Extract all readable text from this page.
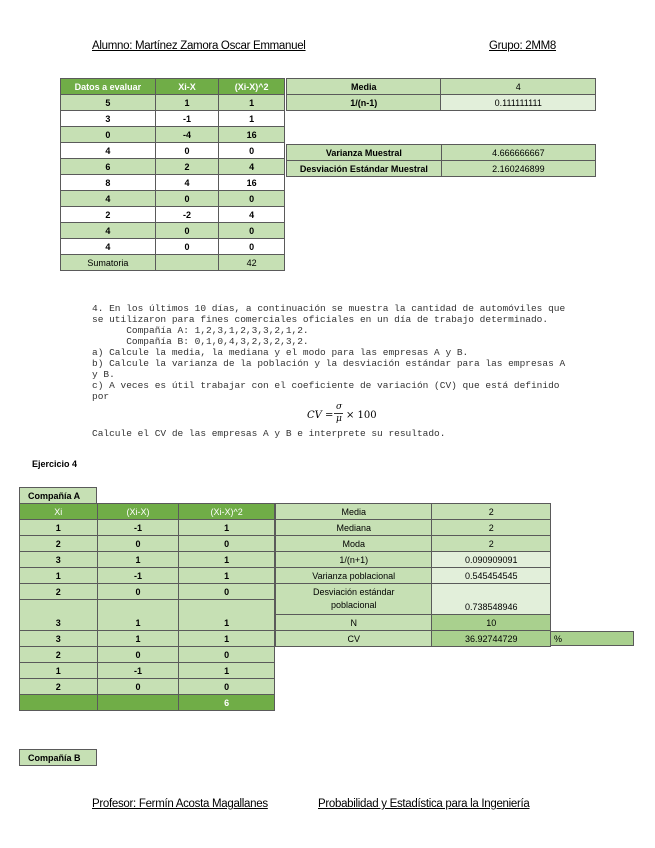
Alumno: Martínez Zamora Oscar Emmanuel	Grupo: 2MM8
Datos a evaluar	Xi-X	(Xi-X)^2
5	1	1
3	-1	1
0	-4	16
4	0	0
6	2	4
8	4	16
4	0	0
2	-2	4
4	0	0
4	0	0
Sumatoria		42
Media	4
1/(n-1)	0.111111111
Varianza Muestral	4.666666667
Desviación Estándar Muestral	2.160246899
4. En los últimos 10 días, a continuación se muestra la cantidad de automóviles que
se utilizaron para fines comerciales oficiales en un día de trabajo determinado.
Compañía A: 1,2,3,1,2,3,3,2,1,2.
Compañía B: 0,1,0,4,3,2,3,2,3,2.
a) Calcule la media, la mediana y el modo para las empresas A y B.
b) Calcule la varianza de la población y la desviación estándar para las empresas A
y B.
c) A veces es útil trabajar con el coeficiente de variación (CV) que está definido
por
CV =
σ
μ × 100
Calcule el CV de las empresas A y B e interprete su resultado.
Ejercicio 4
Compañía A
Xi	(Xi-X)	(Xi-X)^2
1	-1	1
2	0	0
3	1	1
1	-1	1
2	0	0
3	1	1
3	1	1
2	0	0
1	-1	1
2	0	0
		6
Media	2
Mediana	2
Moda	2
1/(n+1)	0.090909091
Varianza poblacional	0.545454545

Desviación estándar
poblacional	0.738548946
N	10
CV	36.92744729	%
Compañía B
Profesor: Fermín Acosta Magallanes	Probabilidad y Estadística para la Ingeniería
